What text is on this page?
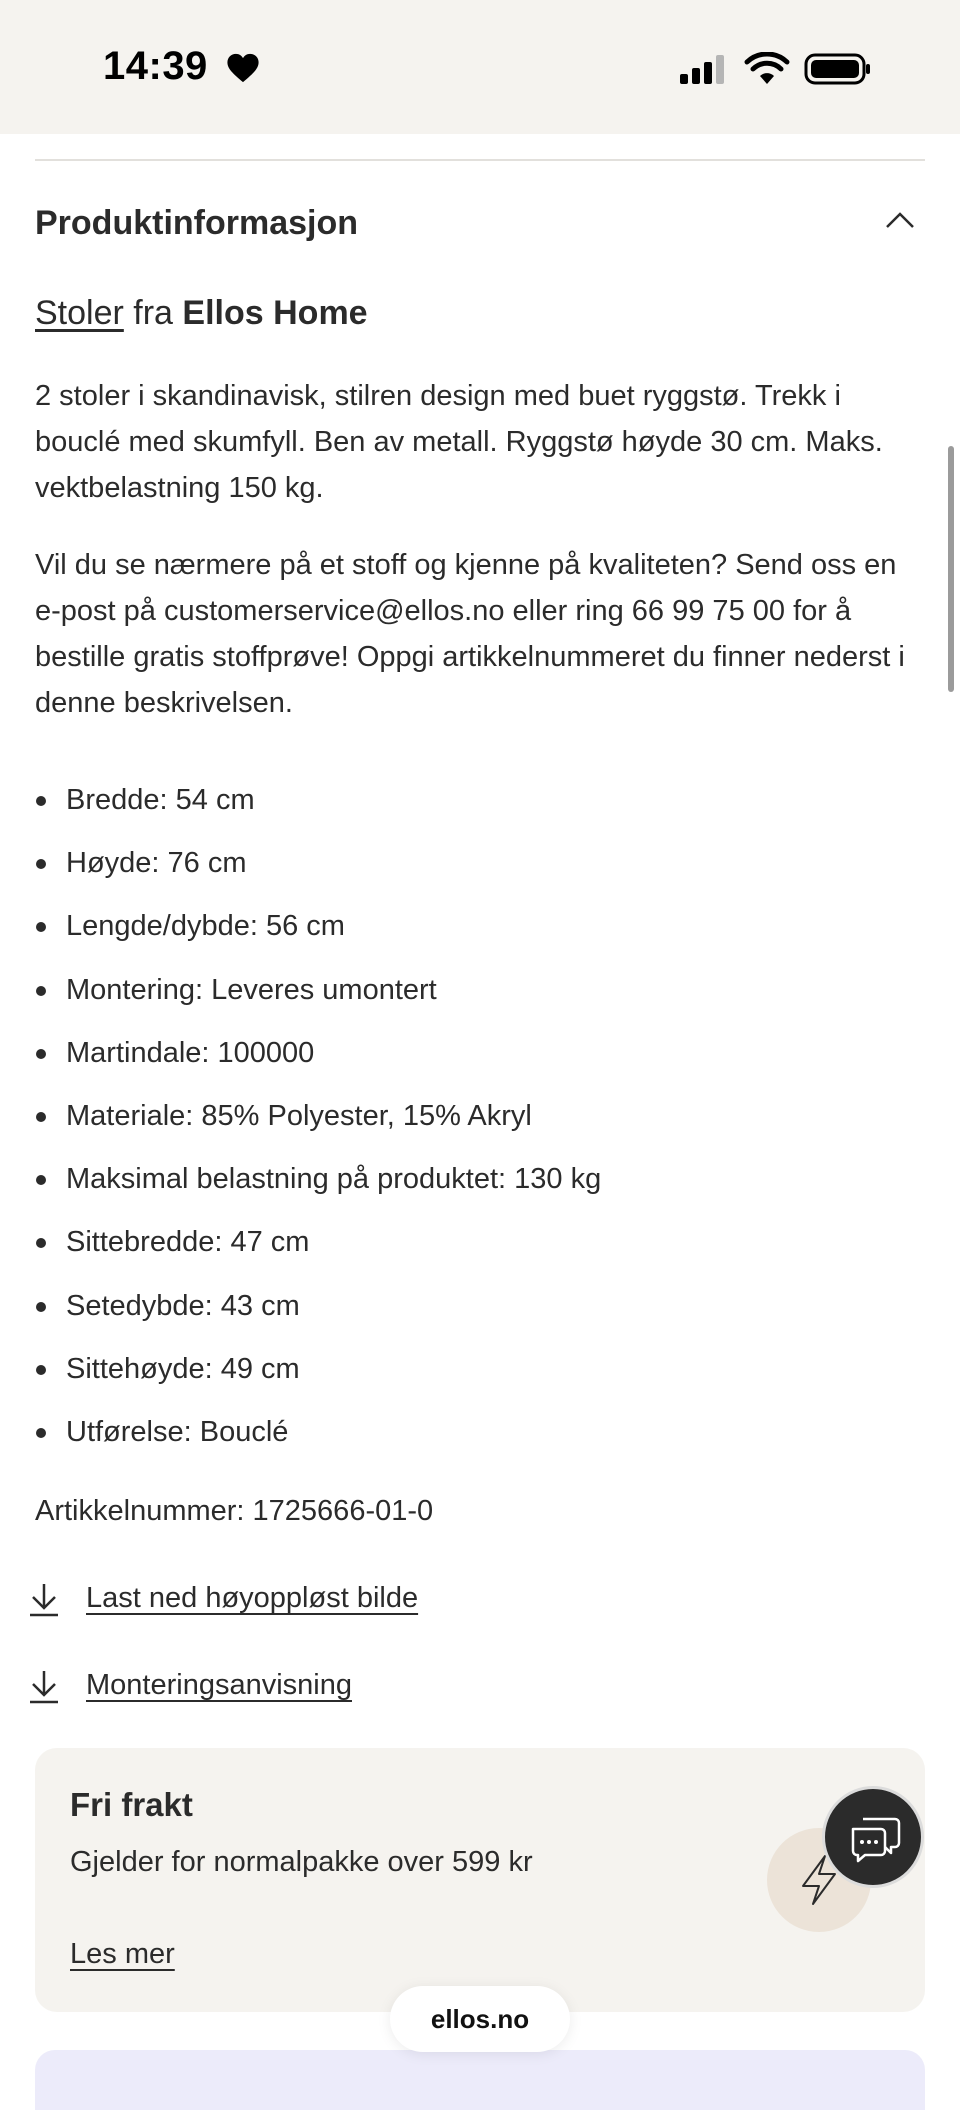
14:39
Produktinformasjon
Stoler fra Ellos Home
2 stoler i skandinavisk, stilren design med buet ryggstø. Trekk i bouclé med skumfyll. Ben av metall. Ryggstø høyde 30 cm. Maks. vektbelastning 150 kg.
Vil du se nærmere på et stoff og kjenne på kvaliteten? Send oss en e-post på customerservice@ellos.no eller ring 66 99 75 00 for å bestille gratis stoffprøve! Oppgi artikkelnummeret du finner nederst i denne beskrivelsen.
Bredde: 54 cm
Høyde: 76 cm
Lengde/dybde: 56 cm
Montering: Leveres umontert
Martindale: 100000
Materiale: 85% Polyester, 15% Akryl
Maksimal belastning på produktet: 130 kg
Sittebredde: 47 cm
Setedybde: 43 cm
Sittehøyde: 49 cm
Utførelse: Bouclé
Artikkelnummer: 1725666-01-0
Last ned høyoppløst bilde
Monteringsanvisning
Fri frakt
Gjelder for normalpakke over 599 kr
Les mer
ellos.no
